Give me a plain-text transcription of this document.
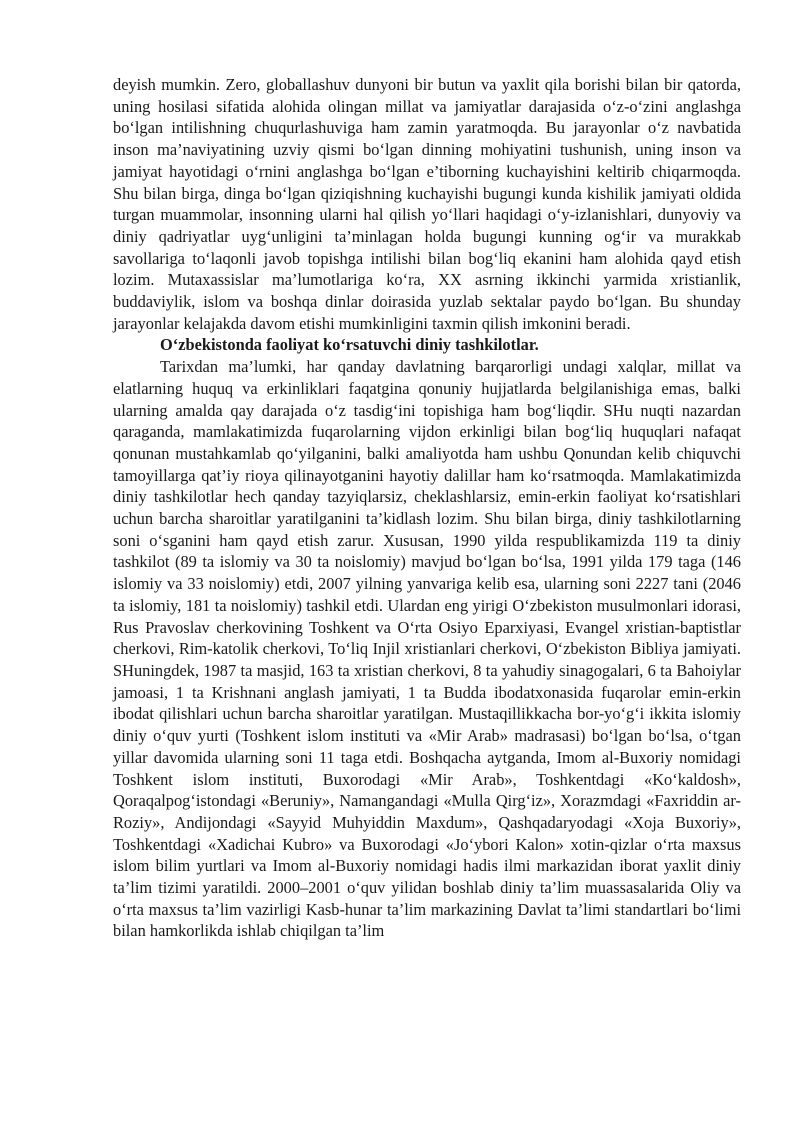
deyish mumkin. Zero, globallashuv dunyoni bir butun va yaxlit qila borishi bilan bir qatorda, uning hosilasi sifatida alohida olingan millat va jamiyatlar darajasida o‘z-o‘zini anglashga bo‘lgan intilishning chuqurlashuviga ham zamin yaratmoqda. Bu jarayonlar o‘z navbatida inson ma’naviyatining uzviy qismi bo‘lgan dinning mohiyatini tushunish, uning inson va jamiyat hayotidagi o‘rnini anglashga bo‘lgan e’tiborning kuchayishini keltirib chiqarmoqda. Shu bilan birga, dinga bo‘lgan qiziqishning kuchayishi bugungi kunda kishilik jamiyati oldida turgan muammolar, insonning ularni hal qilish yo‘llari haqidagi o‘y-izlanishlari, dunyoviy va diniy qadriyatlar uyg‘unligini ta’minlagan holda bugungi kunning og‘ir va murakkab savollariga to‘laqonli javob topishga intilishi bilan bog‘liq ekanini ham alohida qayd etish lozim. Mutaxassislar ma’lumotlariga ko‘ra, XX asrning ikkinchi yarmida xristianlik, buddaviylik, islom va boshqa dinlar doirasida yuzlab sektalar paydo bo‘lgan. Bu shunday jarayonlar kelajakda davom etishi mumkinligini taxmin qilish imkonini beradi.

O‘zbekistonda faoliyat ko‘rsatuvchi diniy tashkilotlar.

Tarixdan ma’lumki, har qanday davlatning barqarorligi undagi xalqlar, millat va elatlarning huquq va erkinliklari faqatgina qonuniy hujjatlarda belgilanishiga emas, balki ularning amalda qay darajada o‘z tasdig‘ini topishiga ham bog‘liqdir. SHu nuqti nazardan qaraganda, mamlakatimizda fuqarolarning vijdon erkinligi bilan bog‘liq huquqlari nafaqat qonunan mustahkamlab qo‘yilganini, balki amaliyotda ham ushbu Qonundan kelib chiquvchi tamoyillarga qat’iy rioya qilinayotganini hayotiy dalillar ham ko‘rsatmoqda. Mamlakatimizda diniy tashkilotlar hech qanday tazyiqlarsiz, cheklashlarsiz, emin-erkin faoliyat ko‘rsatishlari uchun barcha sharoitlar yaratilganini ta’kidlash lozim. Shu bilan birga, diniy tashkilotlarning soni o‘sganini ham qayd etish zarur. Xususan, 1990 yilda respublikamizda 119 ta diniy tashkilot (89 ta islomiy va 30 ta noislomiy) mavjud bo‘lgan bo‘lsa, 1991 yilda 179 taga (146 islomiy va 33 noislomiy) etdi, 2007 yilning yanvariga kelib esa, ularning soni 2227 tani (2046 ta islomiy, 181 ta noislomiy) tashkil etdi. Ulardan eng yirigi O‘zbekiston musulmonlari idorasi, Rus Pravoslav cherkovining Toshkent va O‘rta Osiyo Eparxiyasi, Evangel xristian-baptistlar cherkovi, Rim-katolik cherkovi, To‘liq Injil xristianlari cherkovi, O‘zbekiston Bibliya jamiyati. SHuningdek, 1987 ta masjid, 163 ta xristian cherkovi, 8 ta yahudiy sinagogalari, 6 ta Bahoiylar jamoasi, 1 ta Krishnani anglash jamiyati, 1 ta Budda ibodatxonasida fuqarolar emin-erkin ibodat qilishlari uchun barcha sharoitlar yaratilgan. Mustaqillikkacha bor-yo‘g‘i ikkita islomiy diniy o‘quv yurti (Toshkent islom instituti va «Mir Arab» madrasasi) bo‘lgan bo‘lsa, o‘tgan yillar davomida ularning soni 11 taga etdi. Boshqacha aytganda, Imom al-Buxoriy nomidagi Toshkent islom instituti, Buxorodagi «Mir Arab», Toshkentdagi «Ko‘kaldosh», Qoraqalpog‘istondagi «Beruniy», Namangandagi «Mulla Qirg‘iz», Xorazmdagi «Faxriddin ar-Roziy», Andijondagi «Sayyid Muhyiddin Maxdum», Qashqadaryodagi «Xoja Buxoriy», Toshkentdagi «Xadichai Kubro» va Buxorodagi «Jo‘ybori Kalon» xotin-qizlar o‘rta maxsus islom bilim yurtlari va Imom al-Buxoriy nomidagi hadis ilmi markazidan iborat yaxlit diniy ta’lim tizimi yaratildi. 2000–2001 o‘quv yilidan boshlab diniy ta’lim muassasalarida Oliy va o‘rta maxsus ta’lim vazirligi Kasb-hunar ta’lim markazining Davlat ta’limi standartlari bo‘limi bilan hamkorlikda ishlab chiqilgan ta’lim
